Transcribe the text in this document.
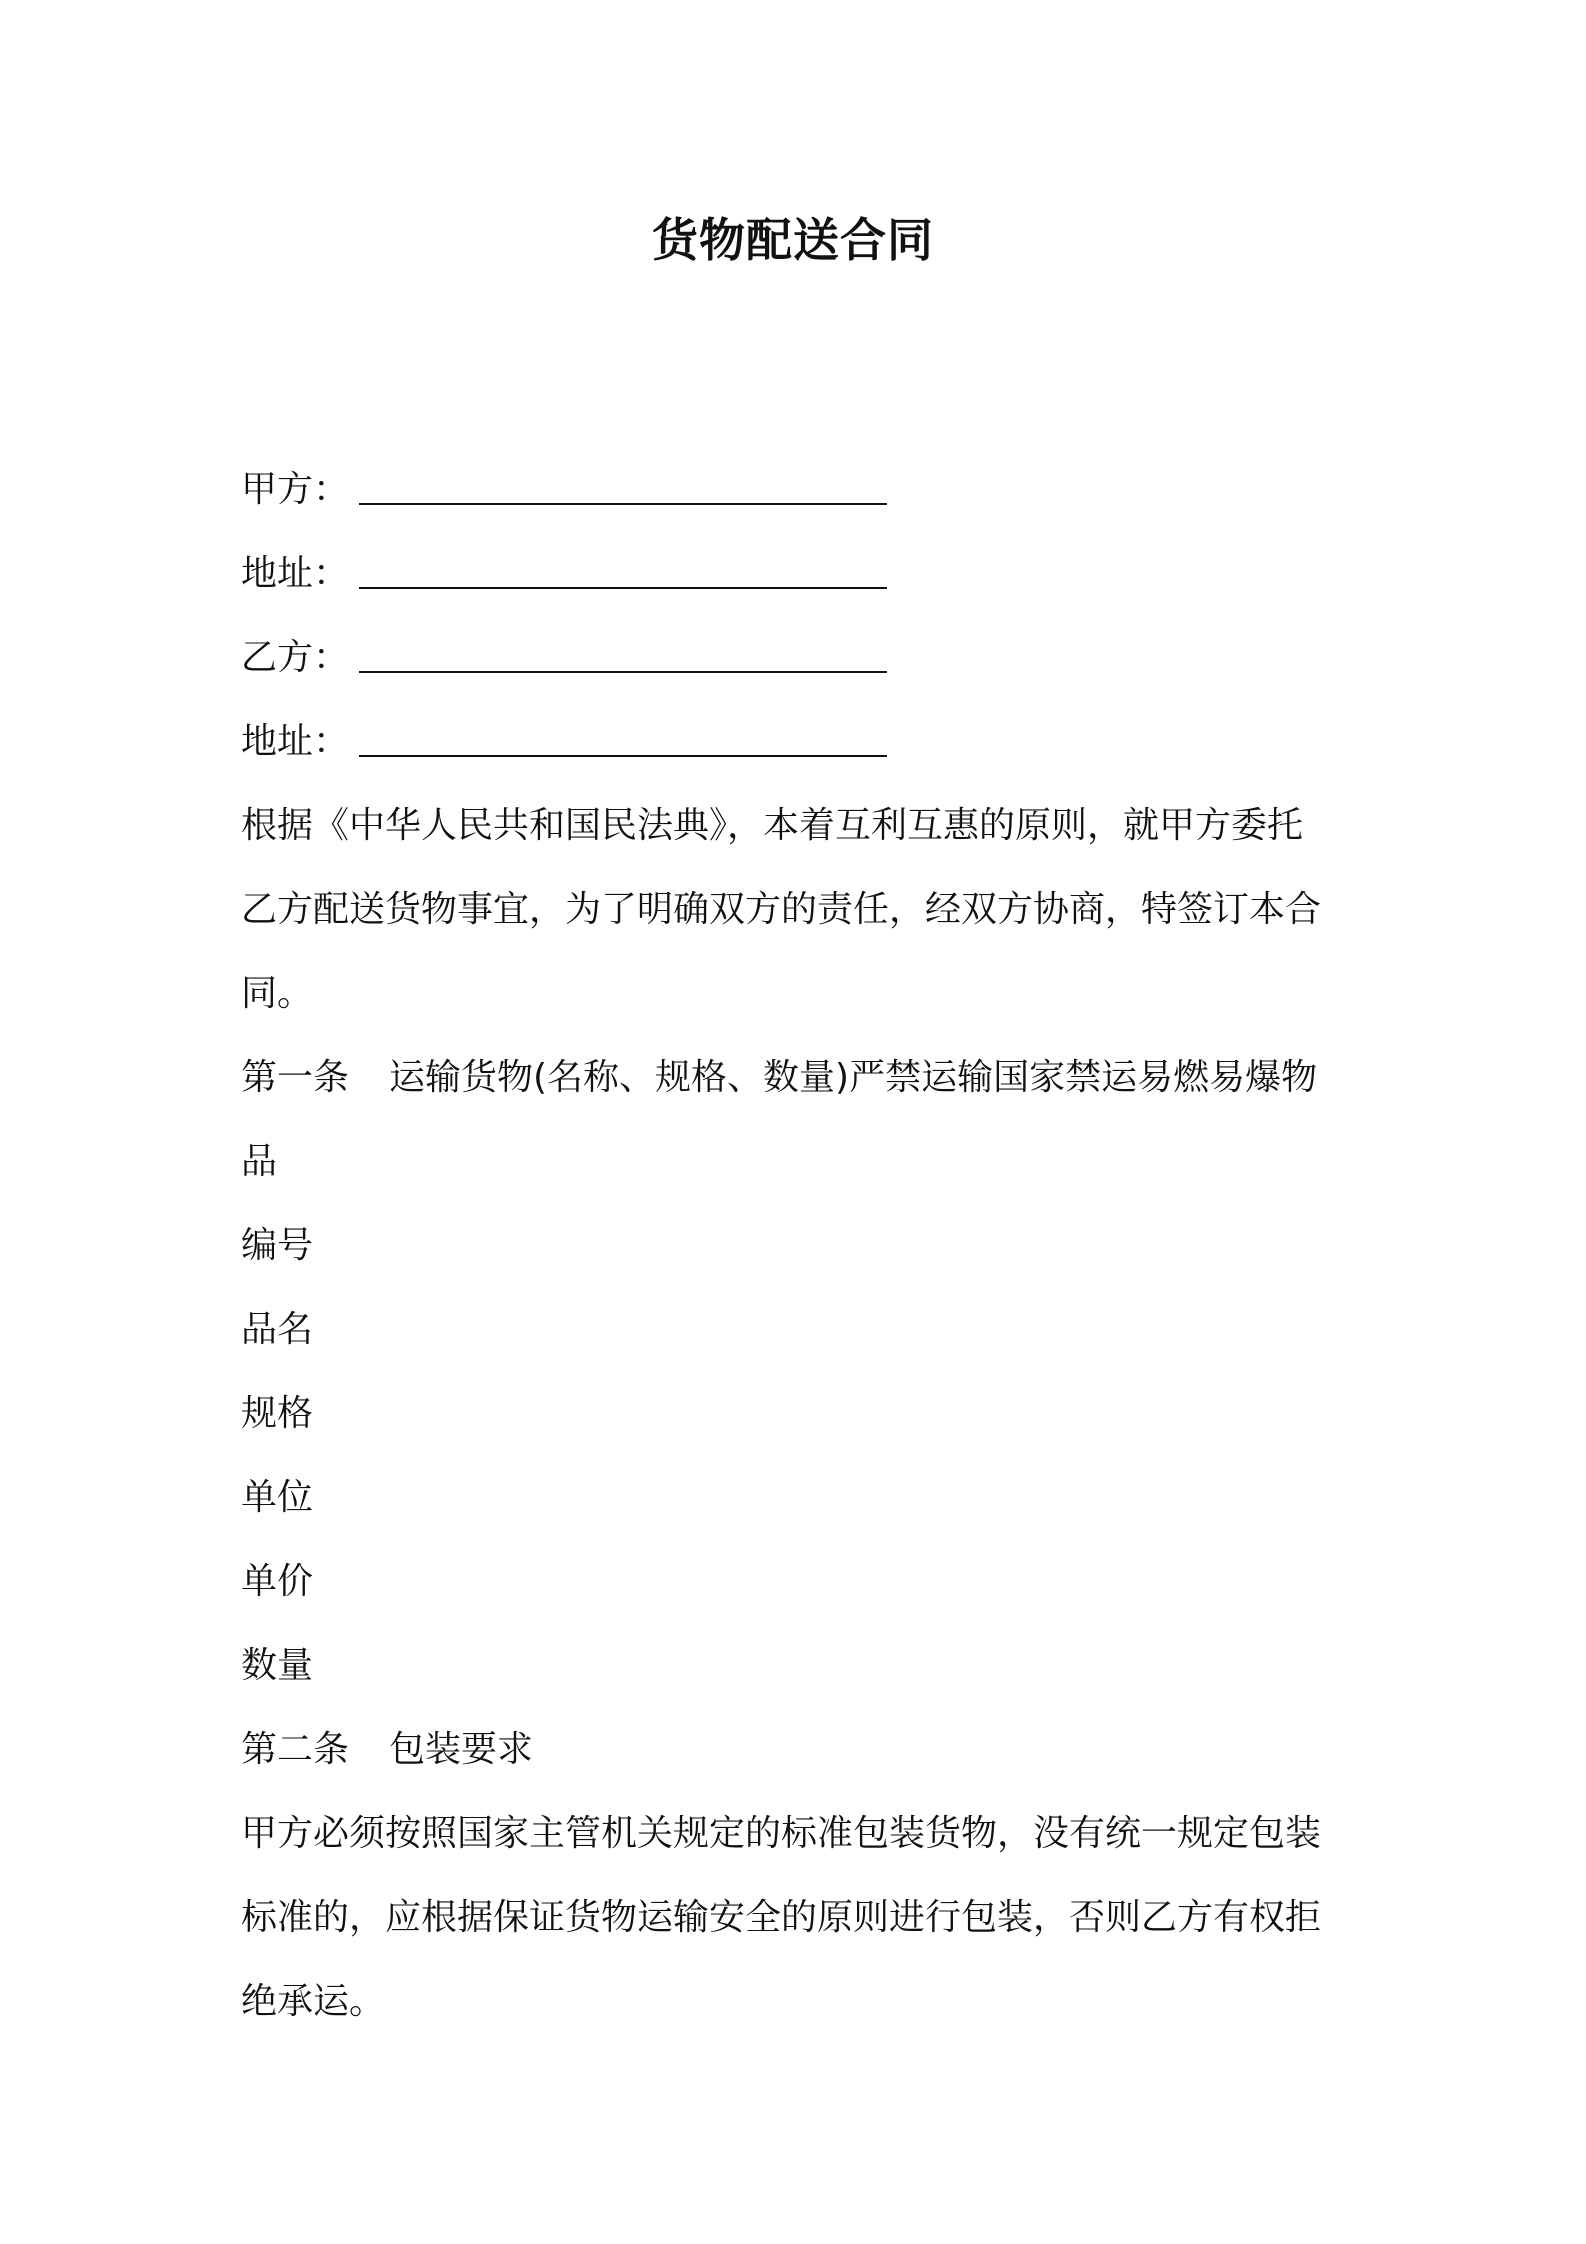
货物配送合同
甲方：
地址：
乙方：
地址：
根据《中华人民共和国民法典》，本着互利互惠的原则，就甲方委托
乙方配送货物事宜，为了明确双方的责任，经双方协商，特签订本合
同。
第一条 运输货物(名称、规格、数量)严禁运输国家禁运易燃易爆物
品
编号
品名
规格
单位
单价
数量
第二条 包装要求
甲方必须按照国家主管机关规定的标准包装货物，没有统一规定包装
标准的，应根据保证货物运输安全的原则进行包装，否则乙方有权拒
绝承运。
